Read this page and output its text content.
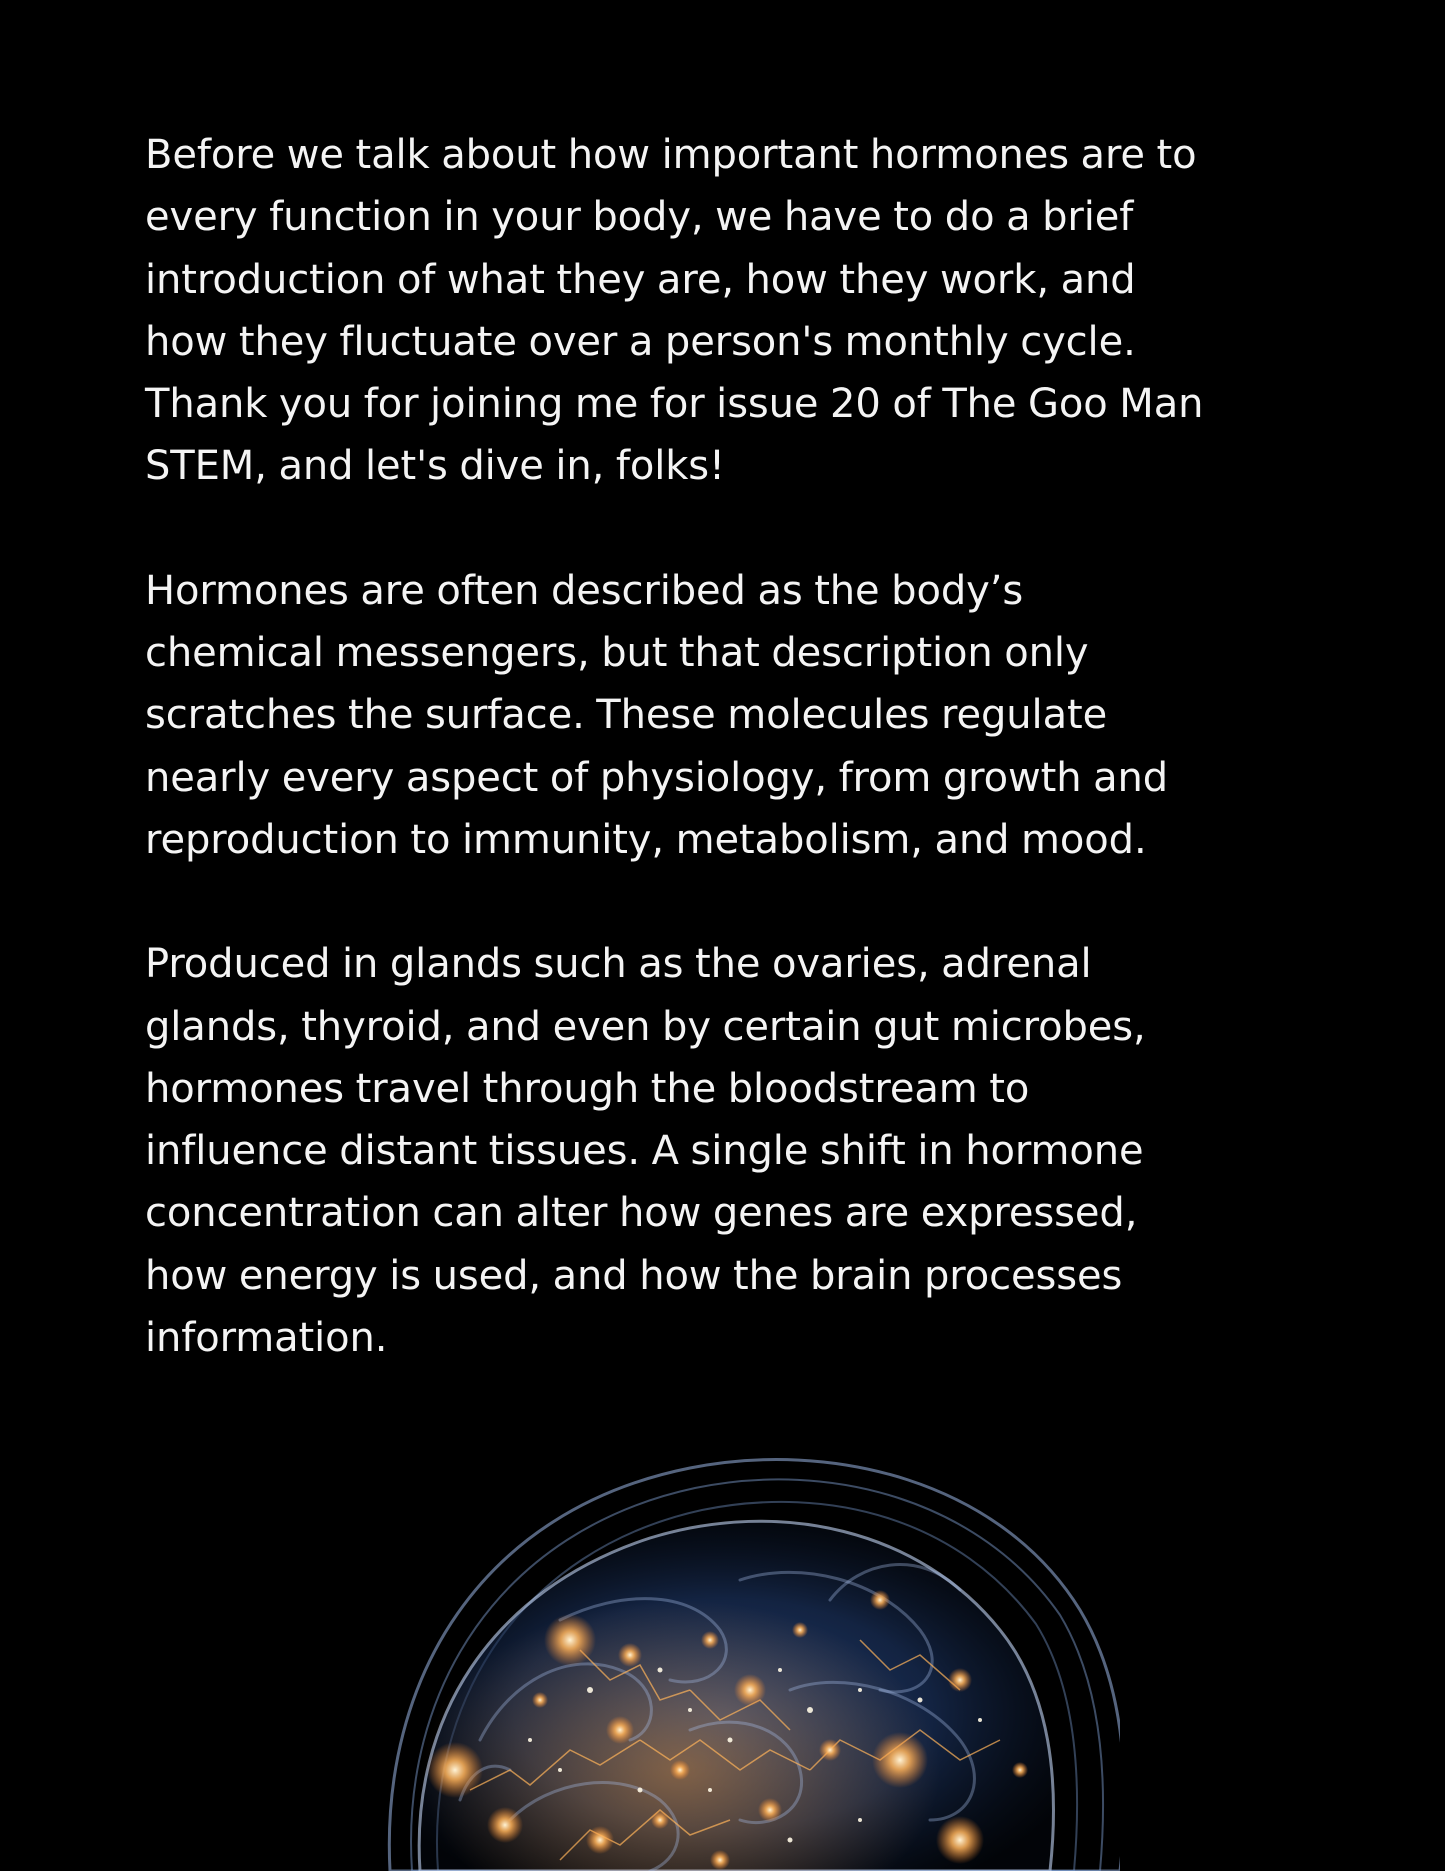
Before we talk about how important hormones are to
every function in your body, we have to do a brief
introduction of what they are, how they work, and
how they fluctuate over a person's monthly cycle.
Thank you for joining me for issue 20 of The Goo Man
STEM, and let's dive in, folks!

Hormones are often described as the body’s
chemical messengers, but that description only
scratches the surface. These molecules regulate
nearly every aspect of physiology, from growth and
reproduction to immunity, metabolism, and mood.

Produced in glands such as the ovaries, adrenal
glands, thyroid, and even by certain gut microbes,
hormones travel through the bloodstream to
influence distant tissues. A single shift in hormone
concentration can alter how genes are expressed,
how energy is used, and how the brain processes
information.
